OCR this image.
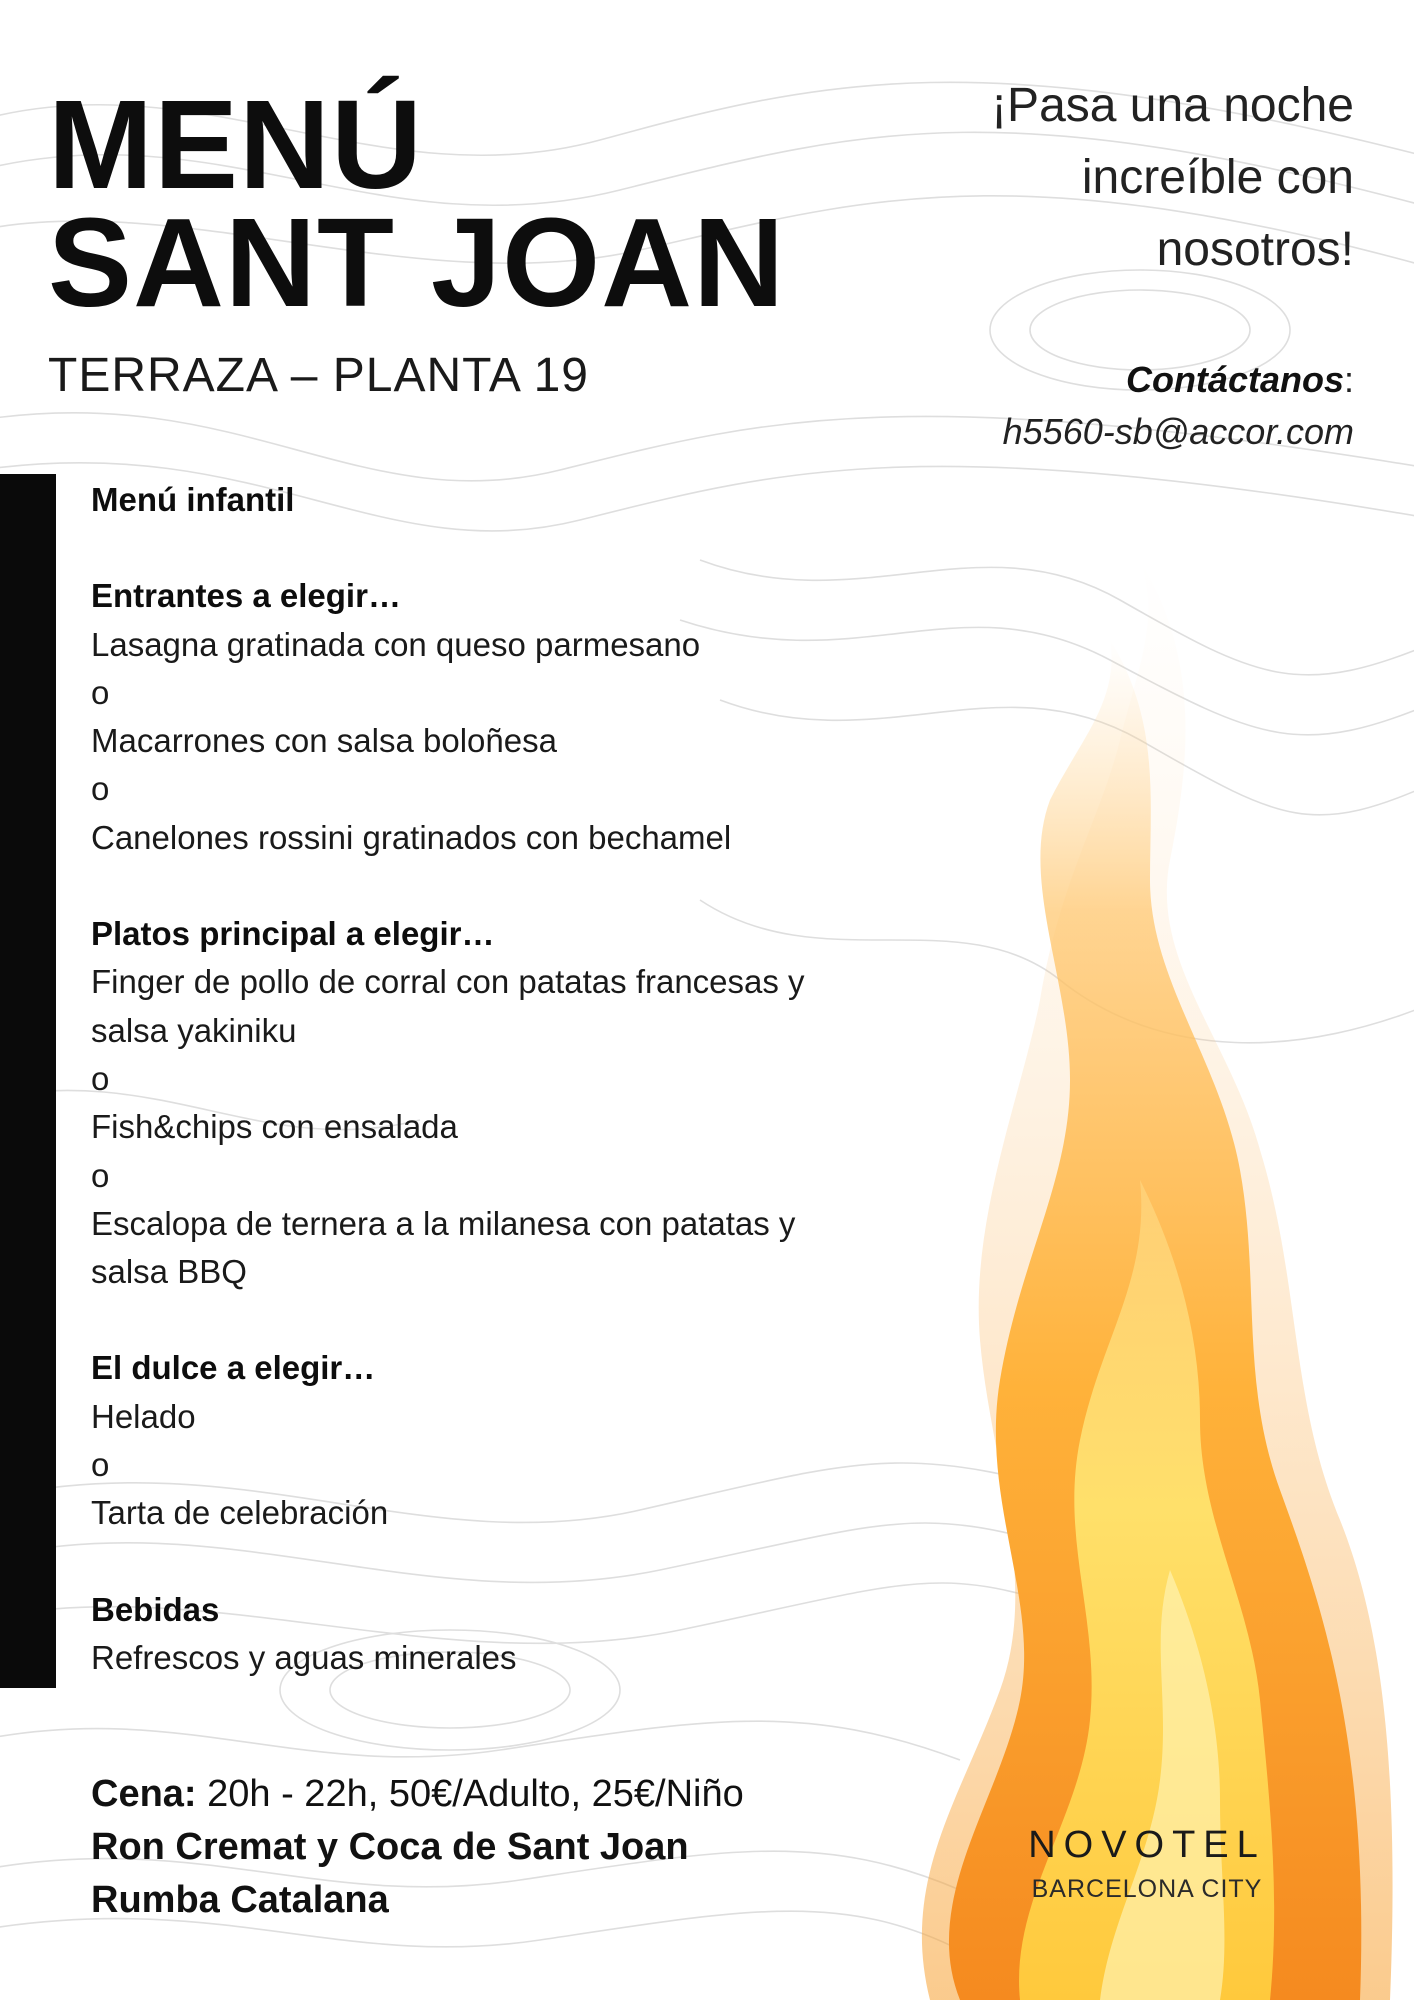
MENÚ
SANT JOAN
TERRAZA – PLANTA 19
¡Pasa una noche
increíble con
nosotros!
Contáctanos:
h5560-sb@accor.com
Menú infantil
Entrantes a elegir…
Lasagna gratinada con queso parmesano
o
Macarrones con salsa boloñesa
o
Canelones rossini gratinados con bechamel
Platos principal a elegir…
Finger de pollo de corral con patatas francesas y
salsa yakiniku
o
Fish&chips con ensalada
o
Escalopa de ternera a la milanesa con patatas y
salsa BBQ
El dulce a elegir…
Helado
o
Tarta de celebración
Bebidas
Refrescos y aguas minerales
Cena: 20h - 22h, 50€/Adulto, 25€/Niño
Ron Cremat y Coca de Sant Joan
Rumba Catalana
NOVOTEL
BARCELONA CITY
